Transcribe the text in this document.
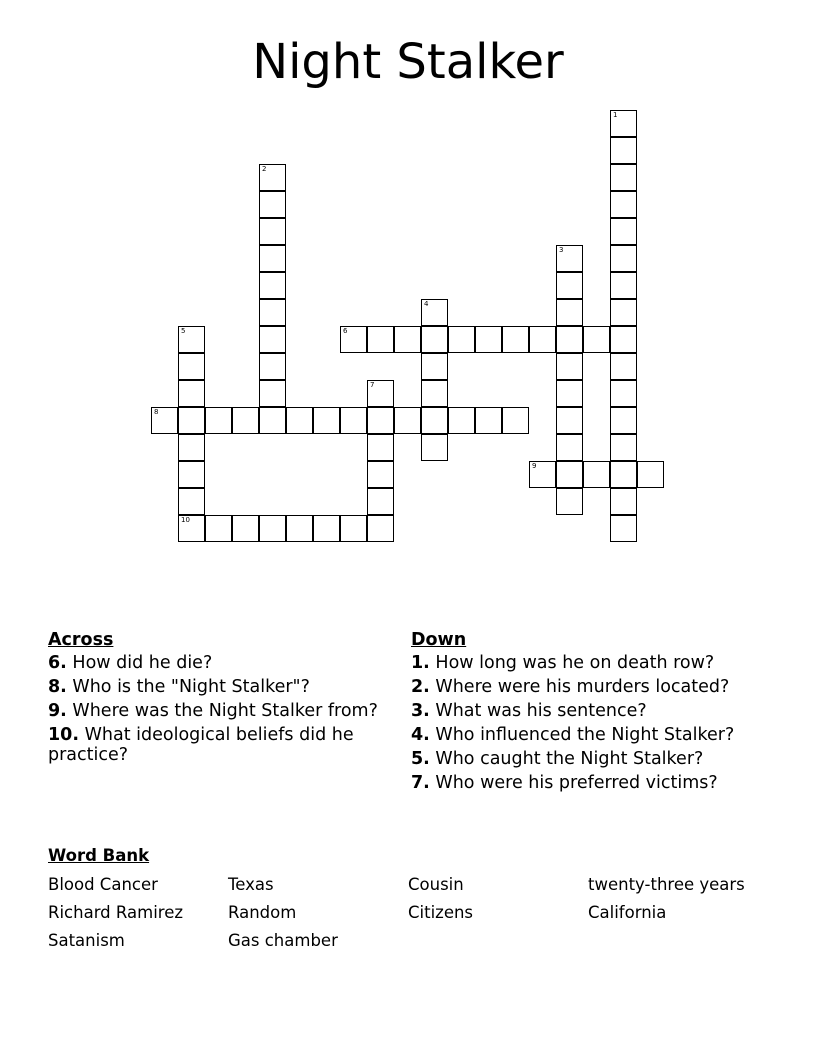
Night Stalker
1
2
3
4
5
10
6
7
8
9
Across
6. How did he die?
8. Who is the "Night Stalker"?
9. Where was the Night Stalker from?
10. What ideological beliefs did he practice?
Down
1. How long was he on death row?
2. Where were his murders located?
3. What was his sentence?
4. Who influenced the Night Stalker?
5. Who caught the Night Stalker?
7. Who were his preferred victims?
Word Bank
Blood Cancer	Texas	Cousin	twenty-three years
Richard Ramirez	Random	Citizens	California
Satanism	Gas chamber
